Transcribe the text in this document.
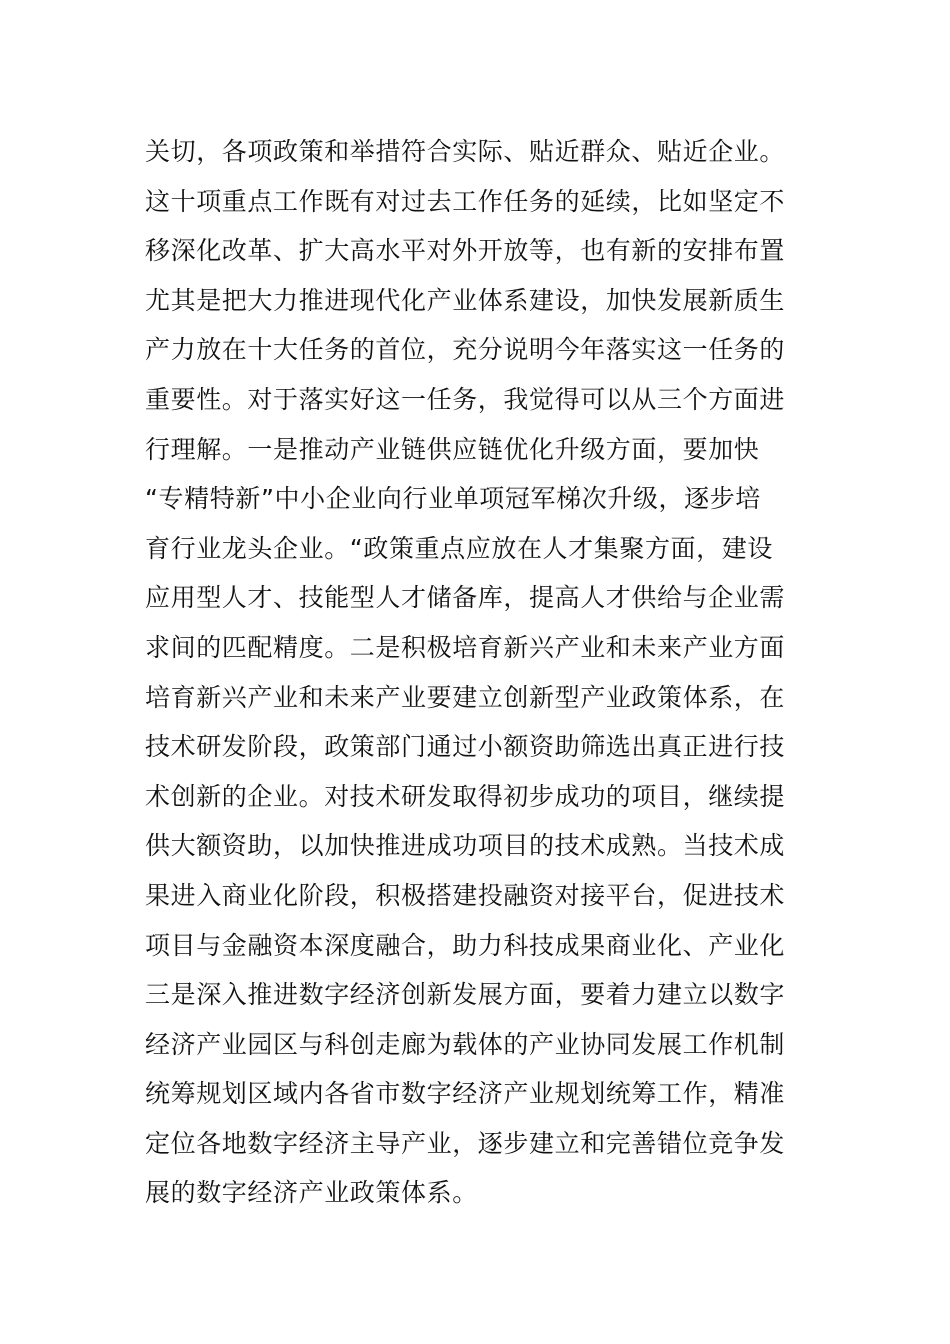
关切，各项政策和举措符合实际、贴近群众、贴近企业。
这十项重点工作既有对过去工作任务的延续，比如坚定不
移深化改革、扩大高水平对外开放等，也有新的安排布置
尤其是把大力推进现代化产业体系建设，加快发展新质生
产力放在十大任务的首位，充分说明今年落实这一任务的
重要性。对于落实好这一任务，我觉得可以从三个方面进
行理解。一是推动产业链供应链优化升级方面，要加快
“专精特新”中小企业向行业单项冠军梯次升级，逐步培
育行业龙头企业。“政策重点应放在人才集聚方面，建设
应用型人才、技能型人才储备库，提高人才供给与企业需
求间的匹配精度。二是积极培育新兴产业和未来产业方面
培育新兴产业和未来产业要建立创新型产业政策体系，在
技术研发阶段，政策部门通过小额资助筛选出真正进行技
术创新的企业。对技术研发取得初步成功的项目，继续提
供大额资助，以加快推进成功项目的技术成熟。当技术成
果进入商业化阶段，积极搭建投融资对接平台，促进技术
项目与金融资本深度融合，助力科技成果商业化、产业化
三是深入推进数字经济创新发展方面，要着力建立以数字
经济产业园区与科创走廊为载体的产业协同发展工作机制
统筹规划区域内各省市数字经济产业规划统筹工作，精准
定位各地数字经济主导产业，逐步建立和完善错位竞争发
展的数字经济产业政策体系。
